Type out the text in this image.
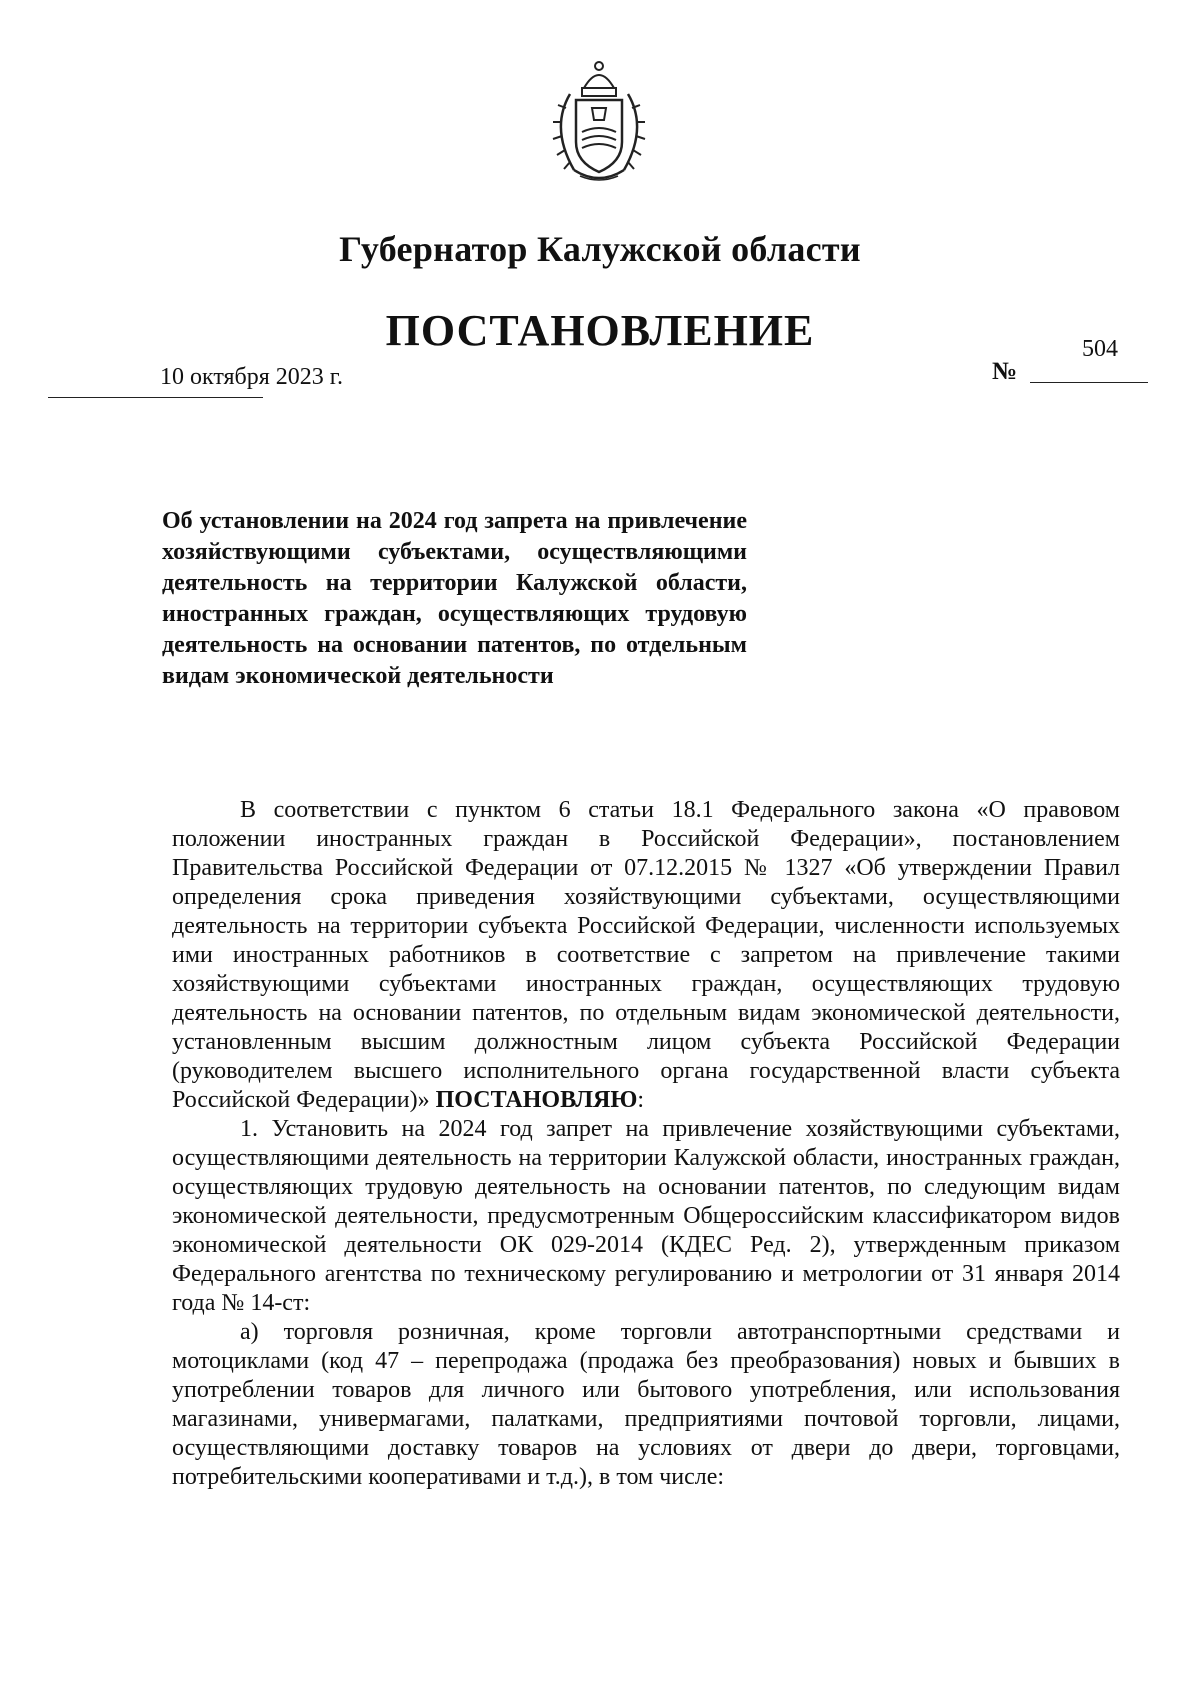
Губернатор Калужской области
ПОСТАНОВЛЕНИЕ
10 октября 2023 г.
504
№
Об установлении на 2024 год запрета на привлечение хозяйствующими субъектами, осуществляющими деятельность на территории Калужской области, иностранных граждан, осуществляющих трудовую деятельность на основании патентов, по отдельным видам экономической деятельности

В соответствии с пунктом 6 статьи 18.1 Федерального закона «О правовом положении иностранных граждан в Российской Федерации», постановлением Правительства Российской Федерации от 07.12.2015 № 1327 «Об утверждении Правил определения срока приведения хозяйствующими субъектами, осуществляющими деятельность на территории субъекта Российской Федерации, численности используемых ими иностранных работников в соответствие с запретом на привлечение такими хозяйствующими субъектами иностранных граждан, осуществляющих трудовую деятельность на основании патентов, по отдельным видам экономической деятельности, установленным высшим должностным лицом субъекта Российской Федерации (руководителем высшего исполнительного органа государственной власти субъекта Российской Федерации)» ПОСТАНОВЛЯЮ:

1. Установить на 2024 год запрет на привлечение хозяйствующими субъектами, осуществляющими деятельность на территории Калужской области, иностранных граждан, осуществляющих трудовую деятельность на основании патентов, по следующим видам экономической деятельности, предусмотренным Общероссийским классификатором видов экономической деятельности ОК 029-2014 (КДЕС Ред. 2), утвержденным приказом Федерального агентства по техническому регулированию и метрологии от 31 января 2014 года № 14-ст:

а) торговля розничная, кроме торговли автотранспортными средствами и мотоциклами (код 47 – перепродажа (продажа без преобразования) новых и бывших в употреблении товаров для личного или бытового употребления, или использования магазинами, универмагами, палатками, предприятиями почтовой торговли, лицами, осуществляющими доставку товаров на условиях от двери до двери, торговцами, потребительскими кооперативами и т.д.), в том числе:
